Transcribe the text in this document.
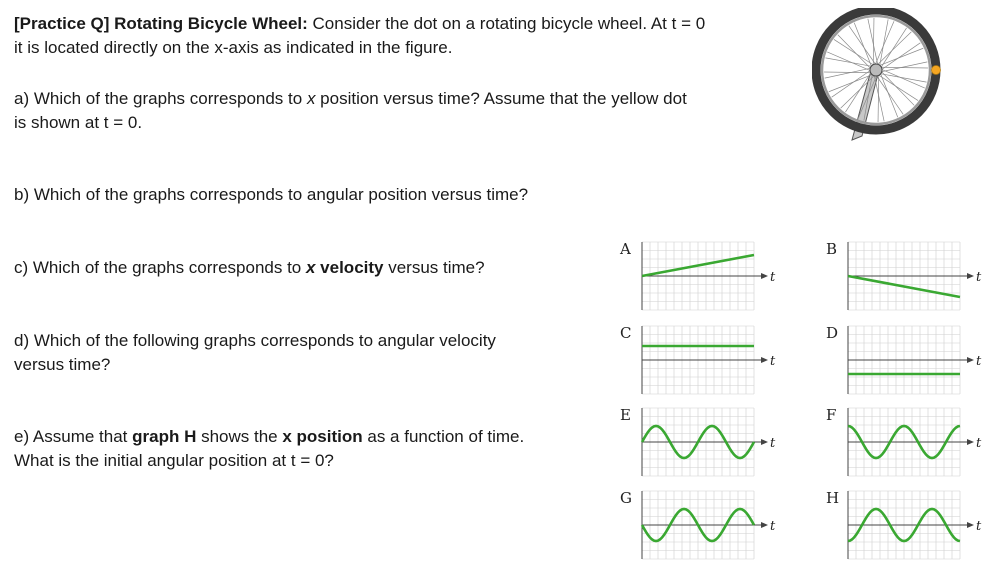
[Practice Q] Rotating Bicycle Wheel: Consider the dot on a rotating bicycle wheel. At t = 0
it is located directly on the x-axis as indicated in the figure.
a) Which of the graphs corresponds to x position versus time? Assume that the yellow dot
is shown at t = 0.
b) Which of the graphs corresponds to angular position versus time?
c) Which of the graphs corresponds to x velocity versus time?
d) Which of the following graphs corresponds to angular velocity
versus time?
e) Assume that graph H shows the x position as a function of time.
What is the initial angular position at t = 0?
A
t
B
t
C
t
D
t
E
t
F
t
G
t
H
t
